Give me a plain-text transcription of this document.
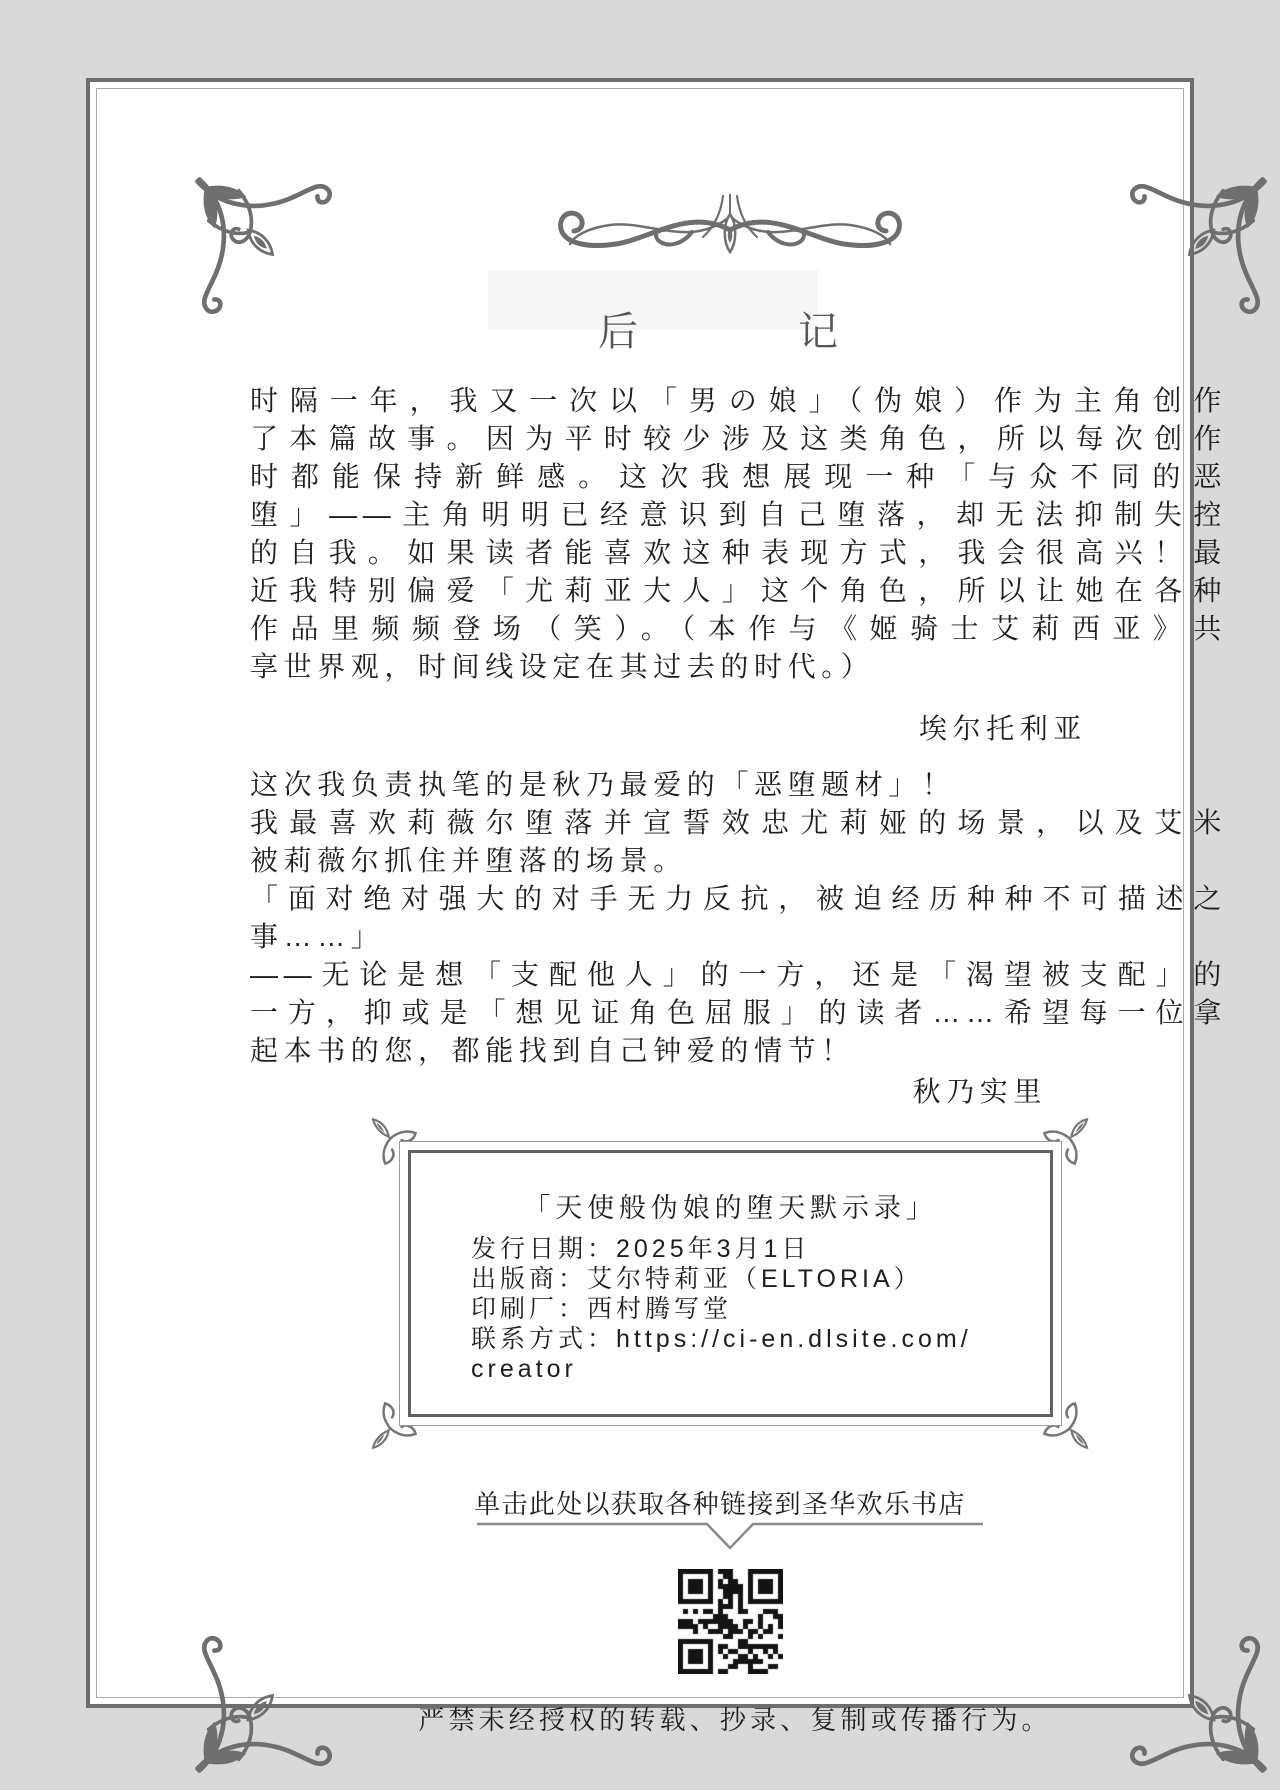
后　　　　记
时隔一年，我又一次以「男の娘」（伪娘）作为主角创作
了本篇故事。因为平时较少涉及这类角色，所以每次创作
时都能保持新鲜感。这次我想展现一种「与众不同的恶
堕」——主角明明已经意识到自己堕落，却无法抑制失控
的自我。如果读者能喜欢这种表现方式，我会很高兴！最
近我特别偏爱「尤莉亚大人」这个角色，所以让她在各种
作品里频频登场（笑）。（本作与《姬骑士艾莉西亚》共
享世界观，时间线设定在其过去的时代。）
埃尔托利亚
这次我负责执笔的是秋乃最爱的「恶堕题材」！
我最喜欢莉薇尔堕落并宣誓效忠尤莉娅的场景，以及艾米
被莉薇尔抓住并堕落的场景。
「面对绝对强大的对手无力反抗，被迫经历种种不可描述之
事……」
——无论是想「支配他人」的一方，还是「渴望被支配」的
一方，抑或是「想见证角色屈服」的读者……希望每一位拿
起本书的您，都能找到自己钟爱的情节！
秋乃实里
「天使般伪娘的堕天默示录」
发行日期：2025年3月1日
出版商：艾尔特莉亚（ELTORIA）
印刷厂：西村腾写堂
联系方式：https://ci-en.dlsite.com/
creator
单击此处以获取各种链接到圣华欢乐书店
严禁未经授权的转载、抄录、复制或传播行为。
